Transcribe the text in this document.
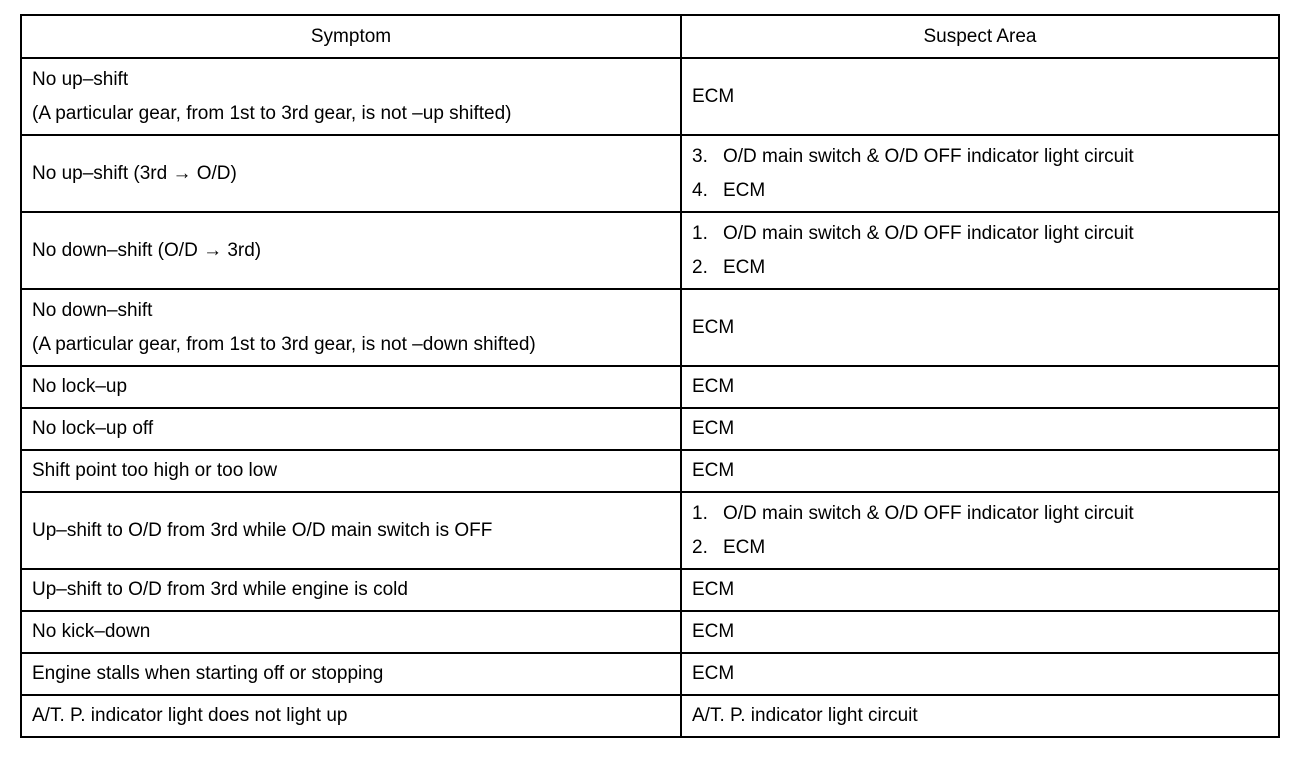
Symptom	Suspect Area

No up–shift
(A particular gear, from 1st to 3rd gear, is not –up shifted)	ECM

No up–shift (3rd → O/D)	3. O/D main switch & O/D OFF indicator light circuit
4. ECM

No down–shift (O/D → 3rd)	1. O/D main switch & O/D OFF indicator light circuit
2. ECM

No down–shift
(A particular gear, from 1st to 3rd gear, is not –down shifted)	ECM

No lock–up	ECM

No lock–up off	ECM

Shift point too high or too low	ECM

Up–shift to O/D from 3rd while O/D main switch is OFF	1. O/D main switch & O/D OFF indicator light circuit
2. ECM

Up–shift to O/D from 3rd while engine is cold	ECM

No kick–down	ECM

Engine stalls when starting off or stopping	ECM

A/T. P. indicator light does not light up	A/T. P. indicator light circuit
